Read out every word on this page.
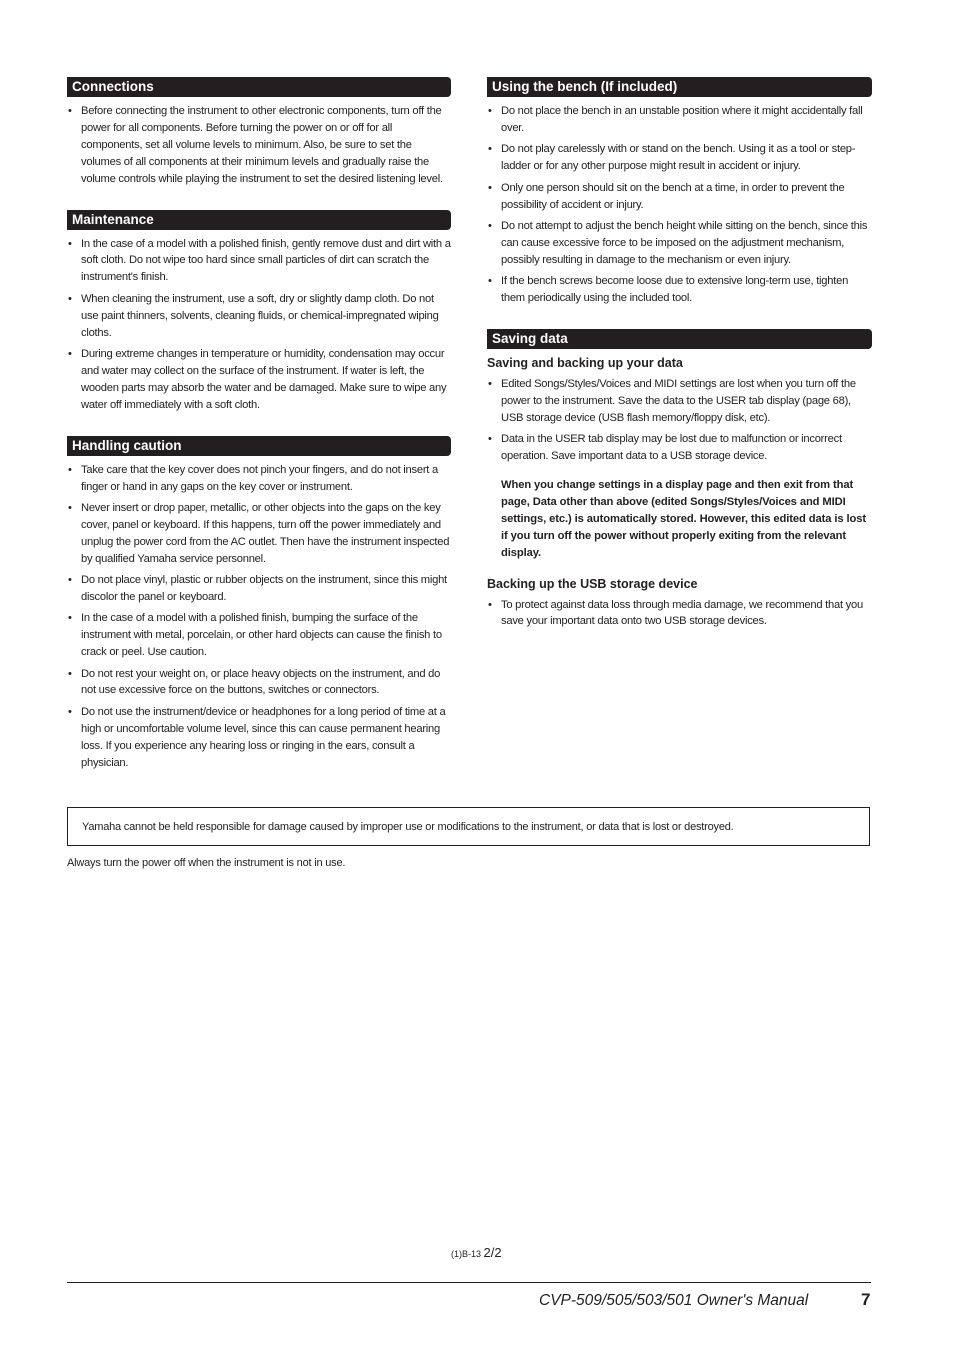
Connections
• Before connecting the instrument to other electronic components, turn off the power for all components. Before turning the power on or off for all components, set all volume levels to minimum. Also, be sure to set the volumes of all components at their minimum levels and gradually raise the volume controls while playing the instrument to set the desired listening level.
Maintenance
• In the case of a model with a polished finish, gently remove dust and dirt with a soft cloth. Do not wipe too hard since small particles of dirt can scratch the instrument's finish.
• When cleaning the instrument, use a soft, dry or slightly damp cloth. Do not use paint thinners, solvents, cleaning fluids, or chemical-impregnated wiping cloths.
• During extreme changes in temperature or humidity, condensation may occur and water may collect on the surface of the instrument. If water is left, the wooden parts may absorb the water and be damaged. Make sure to wipe any water off immediately with a soft cloth.
Handling caution
• Take care that the key cover does not pinch your fingers, and do not insert a finger or hand in any gaps on the key cover or instrument.
• Never insert or drop paper, metallic, or other objects into the gaps on the key cover, panel or keyboard. If this happens, turn off the power immediately and unplug the power cord from the AC outlet. Then have the instrument inspected by qualified Yamaha service personnel.
• Do not place vinyl, plastic or rubber objects on the instrument, since this might discolor the panel or keyboard.
• In the case of a model with a polished finish, bumping the surface of the instrument with metal, porcelain, or other hard objects can cause the finish to crack or peel. Use caution.
• Do not rest your weight on, or place heavy objects on the instrument, and do not use excessive force on the buttons, switches or connectors.
• Do not use the instrument/device or headphones for a long period of time at a high or uncomfortable volume level, since this can cause permanent hearing loss. If you experience any hearing loss or ringing in the ears, consult a physician.
Using the bench (If included)
• Do not place the bench in an unstable position where it might accidentally fall over.
• Do not play carelessly with or stand on the bench. Using it as a tool or step-ladder or for any other purpose might result in accident or injury.
• Only one person should sit on the bench at a time, in order to prevent the possibility of accident or injury.
• Do not attempt to adjust the bench height while sitting on the bench, since this can cause excessive force to be imposed on the adjustment mechanism, possibly resulting in damage to the mechanism or even injury.
• If the bench screws become loose due to extensive long-term use, tighten them periodically using the included tool.
Saving data
Saving and backing up your data
• Edited Songs/Styles/Voices and MIDI settings are lost when you turn off the power to the instrument. Save the data to the USER tab display (page 68), USB storage device (USB flash memory/floppy disk, etc).
• Data in the USER tab display may be lost due to malfunction or incorrect operation. Save important data to a USB storage device.
When you change settings in a display page and then exit from that page, Data other than above (edited Songs/Styles/Voices and MIDI settings, etc.) is automatically stored. However, this edited data is lost if you turn off the power without properly exiting from the relevant display.
Backing up the USB storage device
• To protect against data loss through media damage, we recommend that you save your important data onto two USB storage devices.
Yamaha cannot be held responsible for damage caused by improper use or modifications to the instrument, or data that is lost or destroyed.
Always turn the power off when the instrument is not in use.
(1)B-13 2/2
CVP-509/505/503/501 Owner's Manual	7
